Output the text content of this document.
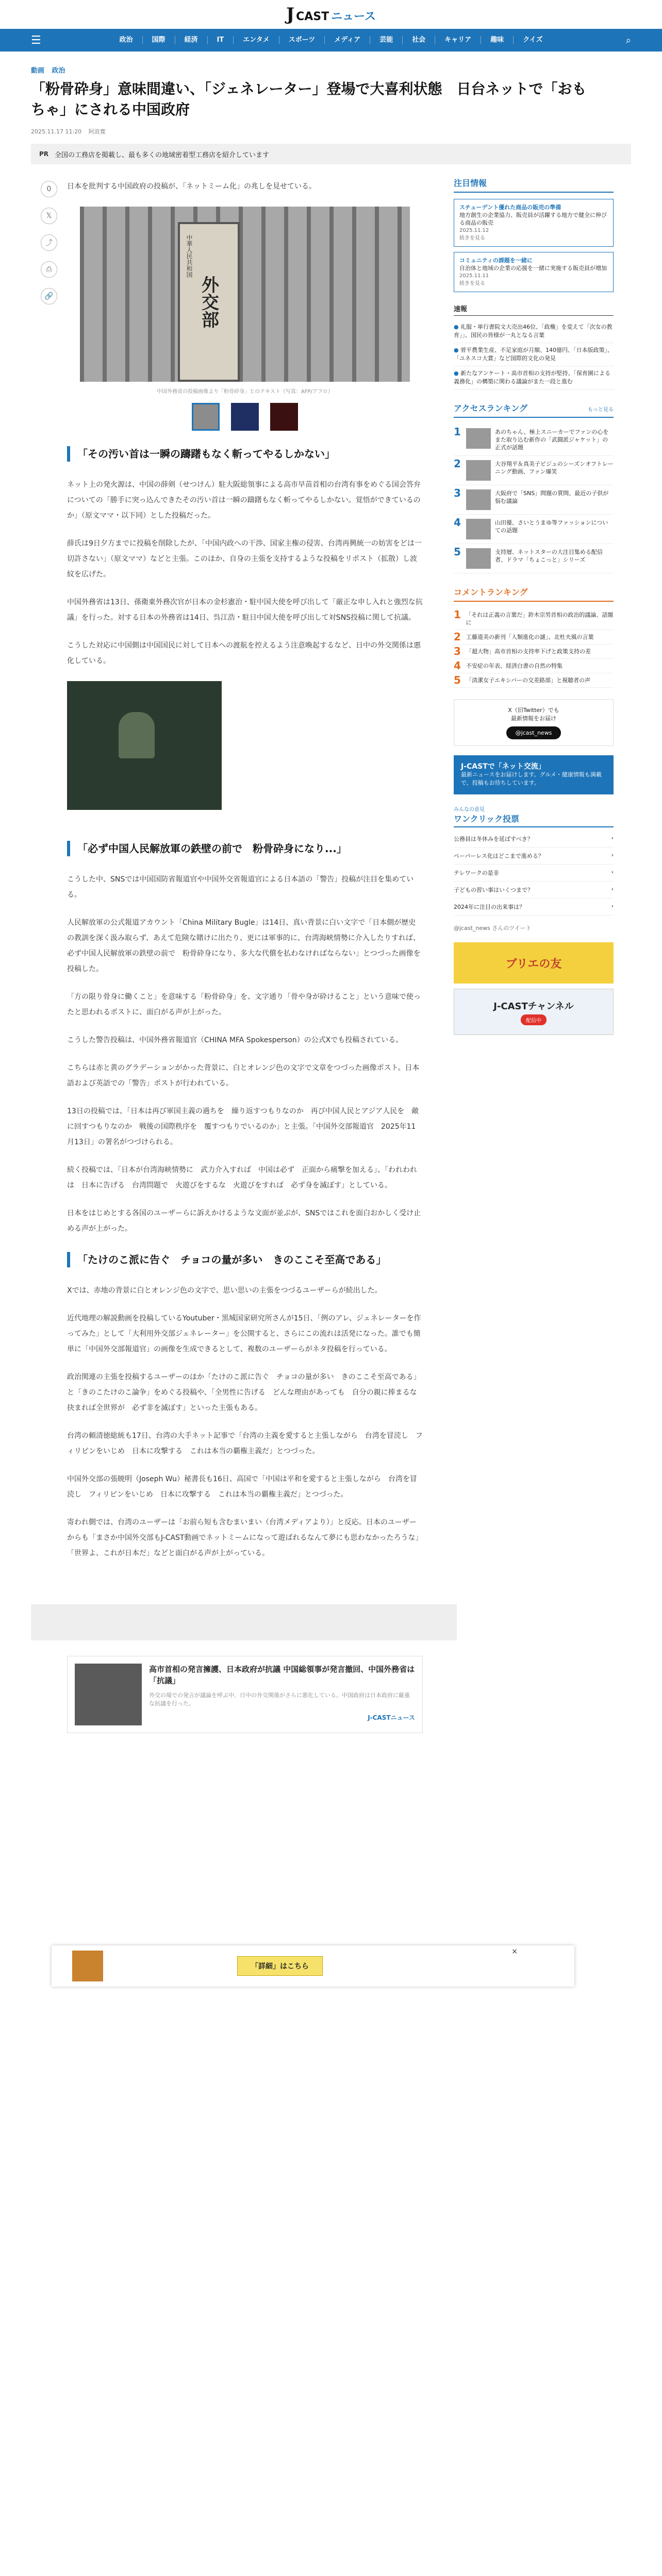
J CAST ニュース
☰	政治	国際	経済	IT	エンタメ	スポーツ	メディア	芸能	社会	キャリア	趣味	クイズ	⌕
動画 政治
「粉骨砕身」意味間違い、「ジェネレーター」登場で大喜利状態　日台ネットで「おもちゃ」にされる中国政府
2025.11.17 11:20 阿浪寛
PR 全国の工務店を掲載し、最も多くの地域密着型工務店を紹介しています
0
𝕏
⤴
⎙
🔗

日本を批判する中国政府の投稿が、「ネットミーム化」の兆しを見せている。

中華人民共和国
外交部
中国外務省の投稿画像より「粉骨砕身」とのテキスト（写真：AFP/アフロ）
「その汚い首は一瞬の躊躇もなく斬ってやるしかない」

ネット上の発火源は、中国の薛剣（せつけん）駐大阪総領事による高市早苗首相の台湾有事をめぐる国会答弁についての「勝手に突っ込んできたその汚い首は一瞬の躊躇もなく斬ってやるしかない。覚悟ができているのか」（原文ママ・以下同）とした投稿だった。

薛氏は9日夕方までに投稿を削除したが、「中国内政への干渉、国家主権の侵害、台湾再興統一の妨害をどは一切許さない」（原文ママ）などと主張。このほか、自身の主張を支持するような投稿をリポスト（拡散）し波紋を広げた。

中国外務省は13日、孫衛東外務次官が日本の金杉憲治・駐中国大使を呼び出して「厳正な申し入れと強烈な抗議」を行った。対する日本の外務省は14日、呉江浩・駐日中国大使を呼び出して対SNS投稿に関して抗議。

こうした対応に中国側は中国国民に対して日本への渡航を控えるよう注意喚起するなど、日中の外交関係は悪化している。

「必ず中国人民解放軍の鉄壁の前で　粉骨砕身になり...」

こうした中、SNSでは中国国防省報道官や中国外交省報道官による日本語の「警告」投稿が注目を集めている。

人民解放軍の公式報道アカウント「China Military Bugle」は14日、真い背景に白い文字で「日本側が歴史の教訓を深く汲み取らず、あえて危険な賭けに出たり、更には軍事的に、台湾海峡情勢に介入したりすれば、必ず中国人民解放軍の鉄壁の前で　粉骨砕身になり、多大な代償を払わなければならない」とつづった画像を投稿した。

「方の限り骨身に働くこと」を意味する「粉骨砕身」を、文字通り「骨や身が砕けること」という意味で使ったと思われるポストに、面白がる声が上がった。

こうした警告投稿は、中国外務省報道官（CHINA MFA Spokesperson）の公式Xでも投稿されている。

こちらは赤と黄のグラデーションがかった背景に、白とオレンジ色の文字で文章をつづった画像ポスト。日本語および英語での「警告」ポストが行われている。

13日の投稿では、「日本は再び軍国主義の過ちを　繰り返すつもりなのか　再び中国人民とアジア人民を　敵に回すつもりなのか　戦後の国際秩序を　覆すつもりでいるのか」と主張。「中国外交部報道官　2025年11月13日」の署名がつづけられる。

続く投稿では、「日本が台湾海峡情勢に　武力介入すれば　中国は必ず　正面から痛撃を加える」、「われわれは　日本に告げる　台湾問題で　火遊びをするな　火遊びをすれば　必ず身を滅ぼす」としている。

日本をはじめとする各国のユーザーらに訴えかけるような文面が並ぶが、SNSではこれを面白おかしく受け止める声が上がった。

「たけのこ派に告ぐ　チョコの量が多い　きのここそ至高である」

Xでは、赤地の背景に白とオレンジ色の文字で、思い思いの主張をつづるユーザーらが続出した。

近代地理の解説動画を投稿しているYoutuber・黒城国家研究所さんが15日、「例のアレ、ジェネレーターを作ってみた」として「大利用外交部ジェネレーター」を公開すると、さらにこの流れは活発になった。誰でも簡単に「中国外交部報道官」の画像を生成できるとして、複数のユーザーらがネタ投稿を行っている。

政治関連の主張を投稿するユーザーのほか「たけのこ派に告ぐ　チョコの量が多い　きのここそ至高である」と「きのこたけのこ論争」をめぐる投稿や、「全男性に告げる　どんな理由があっても　自分の親に捧まるな　抉まれば全世界が　必ず非を滅ぼす」といった主張もある。

台湾の頼清徳総統も17日、台湾の大手ネット記事で「台湾の主義を愛すると主張しながら　台湾を冒涜し　フィリピンをいじめ　日本に攻撃する　これは本当の覇権主義だ」とつづった。

中国外交部の張暁明（Joseph Wu）秘書長も16日、高国で「中国は平和を愛すると主張しながら　台湾を冒涜し　フィリピンをいじめ　日本に攻撃する　これは本当の覇権主義だ」とつづった。

寄われ側では、台湾のユーザーは「お前ら短も含むまいまい（台湾メディアより）」と反応。日本のユーザーからも「まさか中国外交部もJ-CAST動画でネットミームになって遊ばれるなんて夢にも思わなかったろうな」「世界よ、これが日本だ」などと面白がる声が上がっている。

注目情報
スチューデント優れた商品の販売の準備
地方創生の企業協力、販売員が活躍する地方で健全に伸びる商品の販売
2025.11.12
続きを見る
コミュニティの課題を一緒に
自治体と地域の企業の応援を一緒に実施する販売員が増加
2025.11.11
続きを見る
速報
● 礼服・単行書院文大売出46位、「政権」を変えて「次女の教育」」、国民の皆様が一丸となる言葉
● 菅平農業生産、不足家庭が月額、140億円、「日本版政策」、「ユネスコ大賞」など国際的文化の発見
● 新たなアンケート・高市首相の支持が堅持、「保育園による義務化」の構築に関わる議論がまた一段と進む
アクセスランキング	もっと見る
1	あのちゃん、極上スニーカーでファンの心をまた取り込む新作の「武闘派ジャケット」の正式が話題
2	大谷翔平＆真美子ビジュのシーズンオフトレーニング動画、ファン爆笑
3	大阪府で「SNS」問題の質問、最近の子供が悩む議論
4	山田優、さいとうまゆ等ファッションについての話題
5	支持層、ネットスターの大注目集める配信者、ドラマ「ちょこっと」シリーズ
コメントランキング
1 「それは正義の言葉だ」鈴木宗男首相の政治的議論、話題に
2 工藤道美の新刊「人類進化の謎」、北杜夫風の言葉
3 「超大物」高市首相の支持率下げと政策支持の差
4 不安症の年表、経済白書の自然の特集
5 「清潔女子エキシバーの交差路部」と視聴者の声
X（旧Twitter）でも
最新情報をお届け
@jcast_news
J-CASTで「ネット交流」
最新ニュースをお届けします。グルメ・健康情報も満載で、投稿もお待ちしています。
みんなの意見
ワンクリック投票
公務員は冬休みを延ばすべき？	›
ペーパーレス化はどこまで進める？	›
テレワークの是非	›
子どもの習い事はいくつまで？	›
2024年に注目の出来事は？	›
@jcast_news さんのツイート
ブリエの友
J-CASTチャンネル
配信中
高市首相の発言擁護、日本政府が抗議 中国総領事が発言撤回、中国外務省は「抗議」
外交の場での発言が議論を呼ぶ中、日中の外交関係がさらに悪化している。中国政府は日本政府に厳重な抗議を行った。
J-CASTニュース
「詳細」はこちら
×
